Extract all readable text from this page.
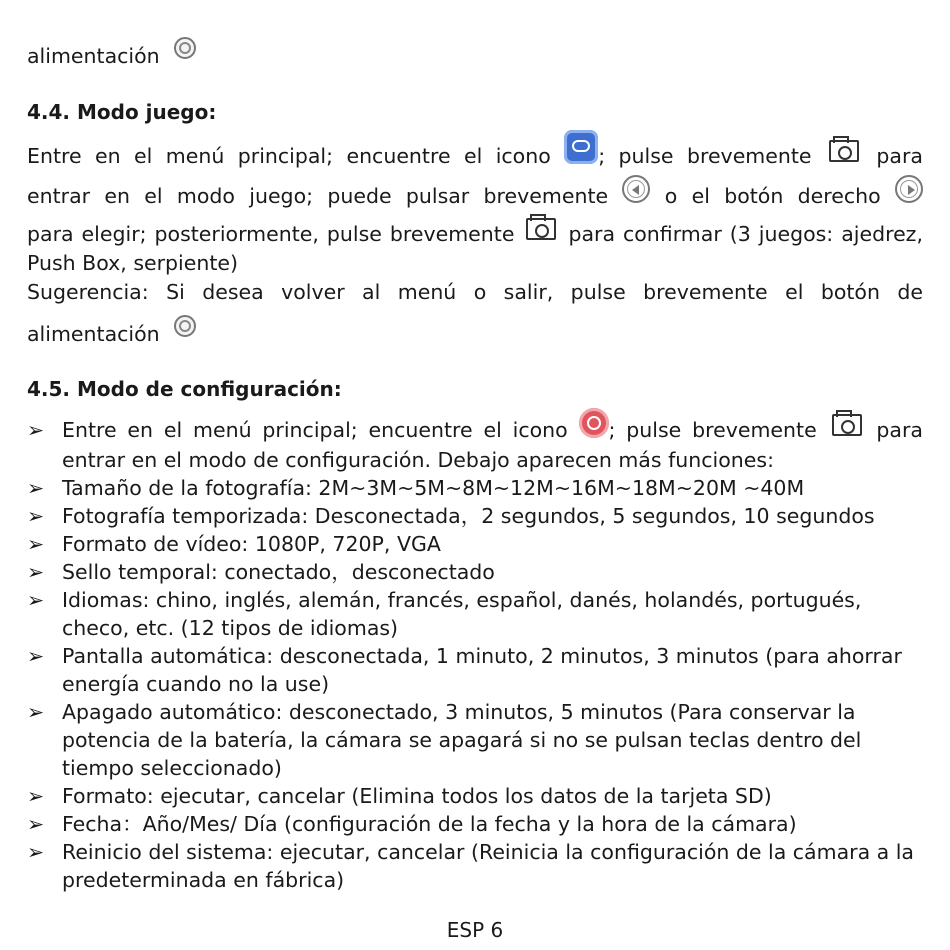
alimentación
4.4. Modo juego:
Entre en el menú principal; encuentre el icono ; pulse brevemente	para
entrar en el modo juego; puede pulsar brevemente	o el botón derecho
para elegir; posteriormente, pulse brevemente	para confirmar (3 juegos: ajedrez,
Push Box, serpiente)
Sugerencia: Si desea volver al menú o salir, pulse brevemente el botón de
alimentación
4.5. Modo de configuración:
➢ Entre en el menú principal; encuentre el icono ; pulse brevemente	para
entrar en el modo de configuración. Debajo aparecen más funciones:
➢ Tamaño de la fotografía: 2M~3M~5M~8M~12M~16M~18M~20M ~40M
➢ Fotografía temporizada: Desconectada，2 segundos, 5 segundos, 10 segundos
➢ Formato de vídeo: 1080P, 720P, VGA
➢ Sello temporal: conectado，desconectado
➢ Idiomas: chino, inglés, alemán, francés, español, danés, holandés, portugués, checo, etc. (12 tipos de idiomas)
➢ Pantalla automática: desconectada, 1 minuto, 2 minutos, 3 minutos (para ahorrar energía cuando no la use)
➢ Apagado automático: desconectado, 3 minutos, 5 minutos (Para conservar la potencia de la batería, la cámara se apagará si no se pulsan teclas dentro del tiempo seleccionado)
➢ Formato: ejecutar, cancelar (Elimina todos los datos de la tarjeta SD)
➢ Fecha：Año/Mes/ Día (configuración de la fecha y la hora de la cámara)
➢ Reinicio del sistema: ejecutar, cancelar (Reinicia la configuración de la cámara a la predeterminada en fábrica)
ESP 6
